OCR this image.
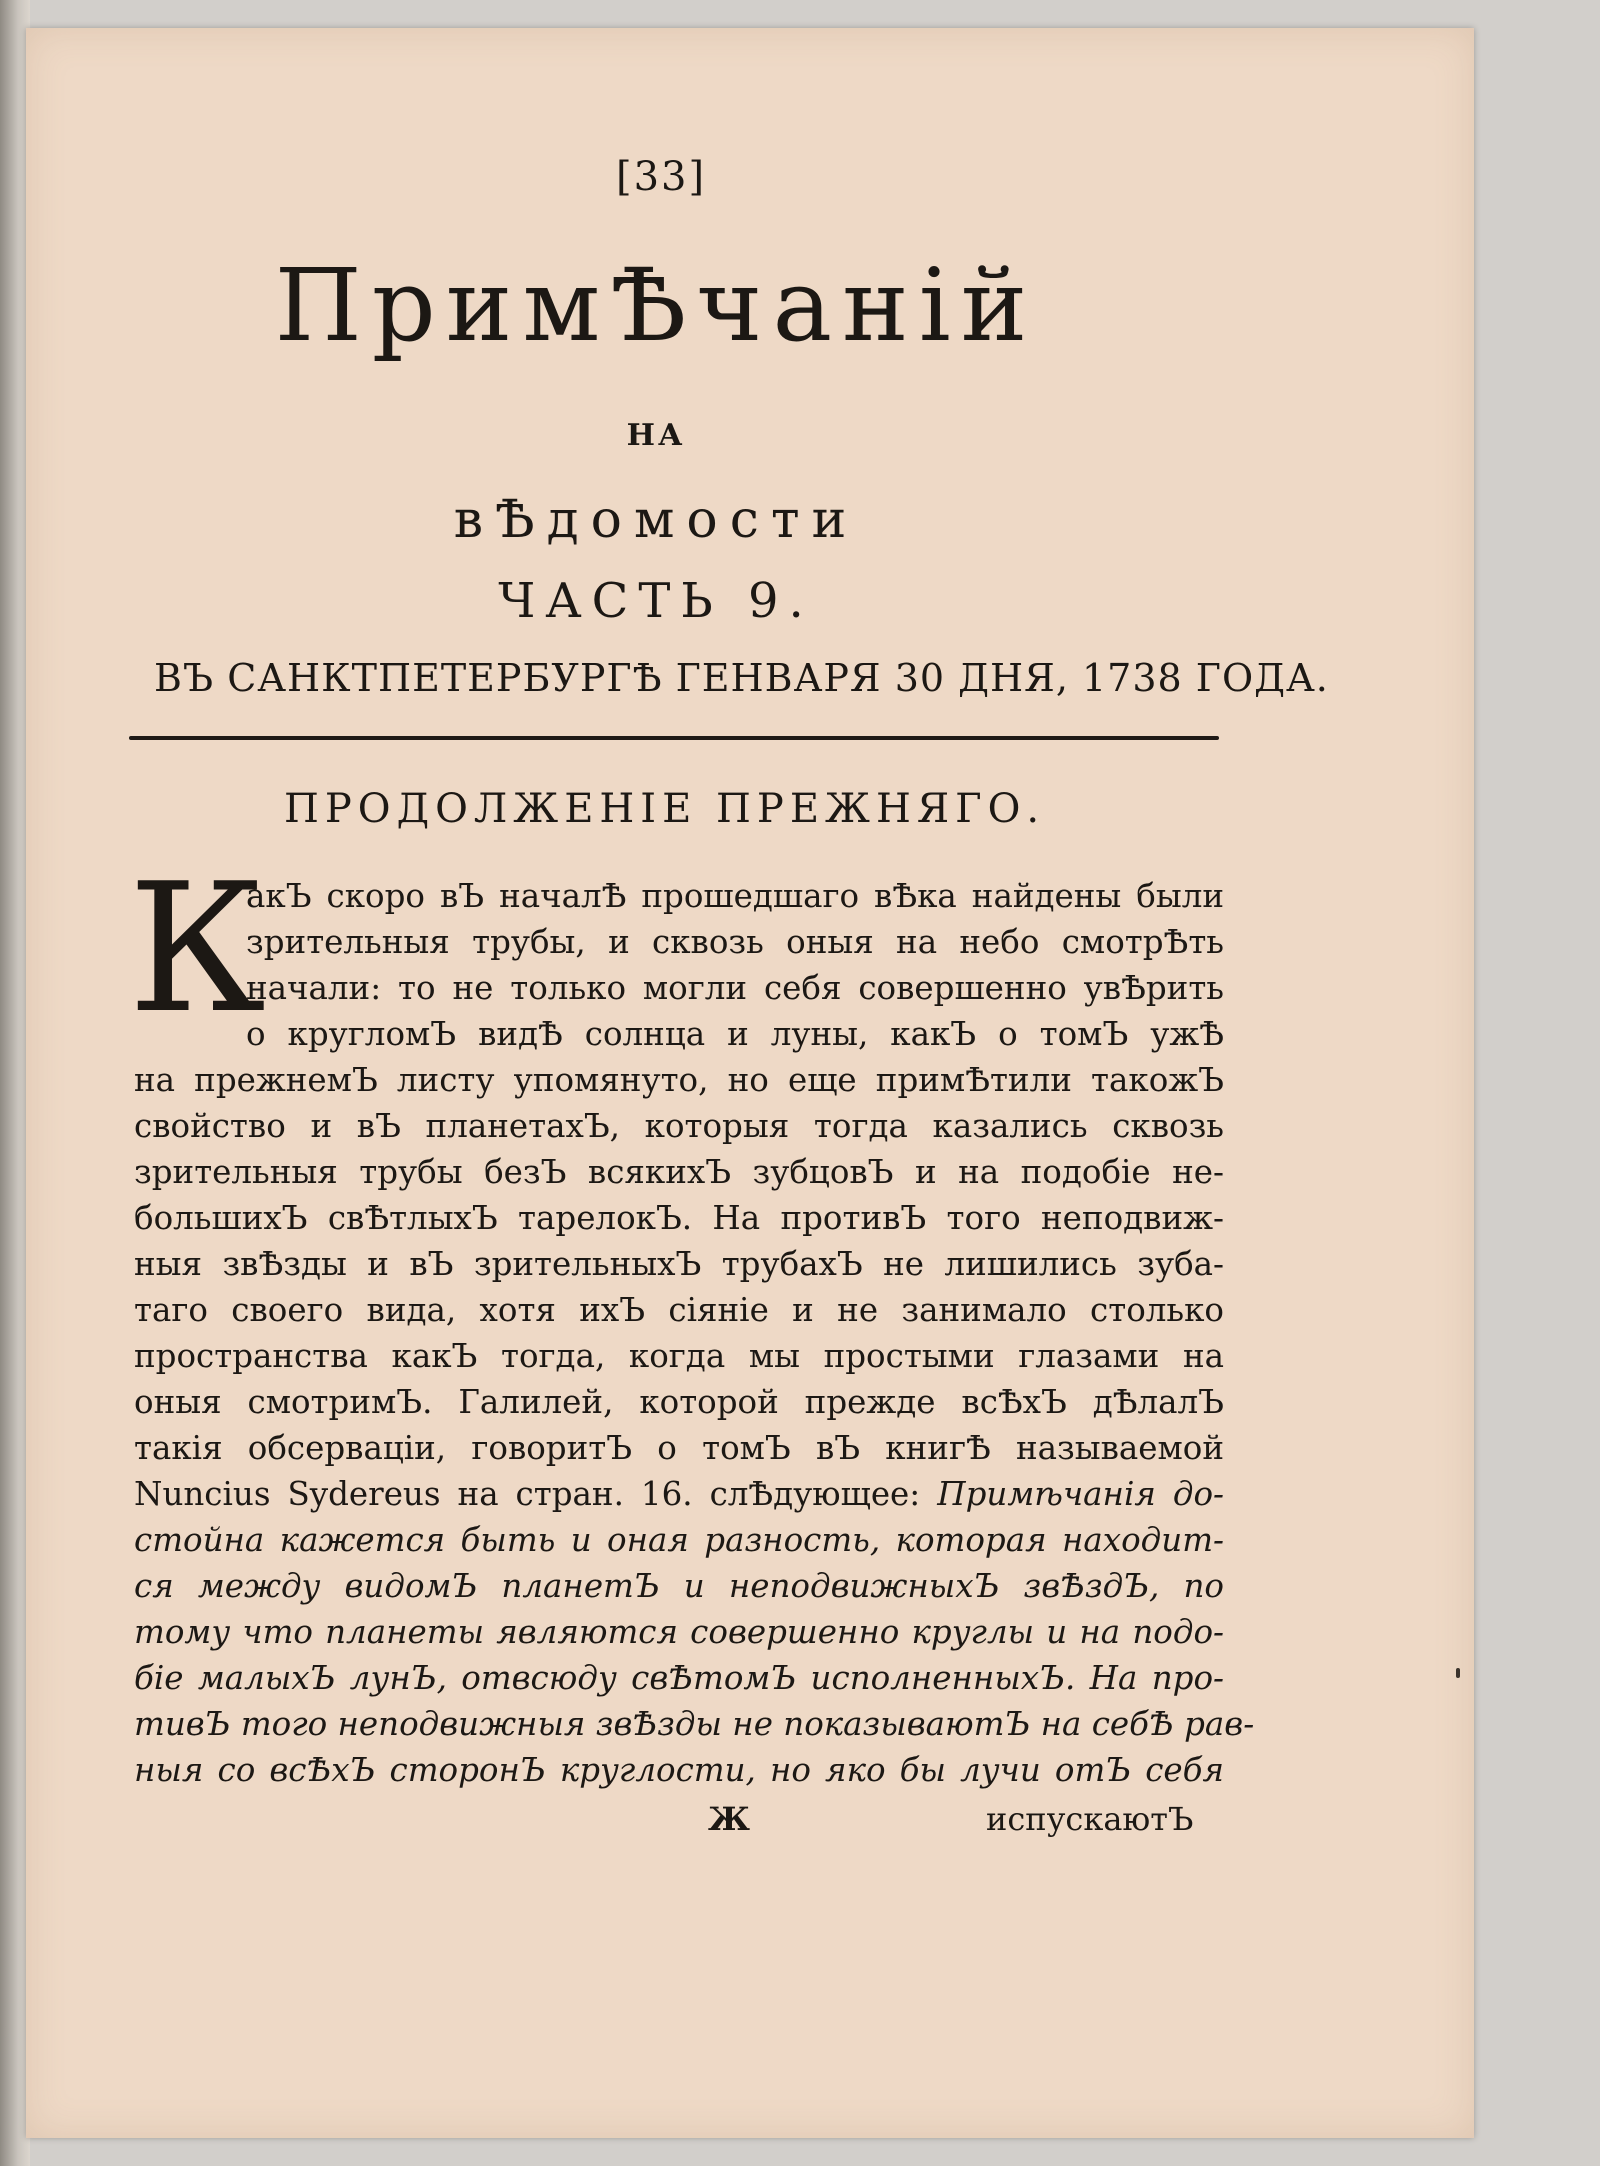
[33]
ПримѢчаній
НА
вѢдомости
ЧАСТЬ 9.
ВЪ САНКТПЕТЕРБУРГѢ ГЕНВАРЯ 30 ДНЯ, 1738 ГОДА.
ПРОДОЛЖЕНІЕ ПРЕЖНЯГО.
К
акЪ скоро вЪ началѢ прошедшаго вѢка найдены были
зрительныя трубы, и сквозь оныя на небо смотрѢть
начали: то не только могли себя совершенно увѢрить
о кругломЪ видѢ солнца и луны, какЪ о томЪ ужѢ
на прежнемЪ листу упомянуто, но еще примѢтили такожЪ
свойство и вЪ планетахЪ, которыя тогда казались сквозь
зрительныя трубы безЪ всякихЪ зубцовЪ и на подобіе не-
большихЪ свѢтлыхЪ тарелокЪ. На противЪ того неподвиж-
ныя звѢзды и вЪ зрительныхЪ трубахЪ не лишились зуба-
таго своего вида, хотя ихЪ сіяніе и не занимало столько
пространства какЪ тогда, когда мы простыми глазами на
оныя смотримЪ. Галилей, которой прежде всѢхЪ дѢлалЪ
такія обсерваціи, говоритЪ о томЪ вЪ книгѢ называемой
Nuncius Sydereus на стран. 16. слѢдующее: Примѣчанія до-
стойна кажется быть и оная разность, которая находит-
ся между видомЪ планетЪ и неподвижныхЪ звѢздЪ, по
тому что планеты являются совершенно круглы и на подо-
біе малыхЪ лунЪ, отвсюду свѢтомЪ исполненныхЪ. На про-
тивЪ того неподвижныя звѢзды не показываютЪ на себѢ рав-
ныя со всѢхЪ сторонЪ круглости, но яко бы лучи отЪ себя
Ж	испускаютЪ
